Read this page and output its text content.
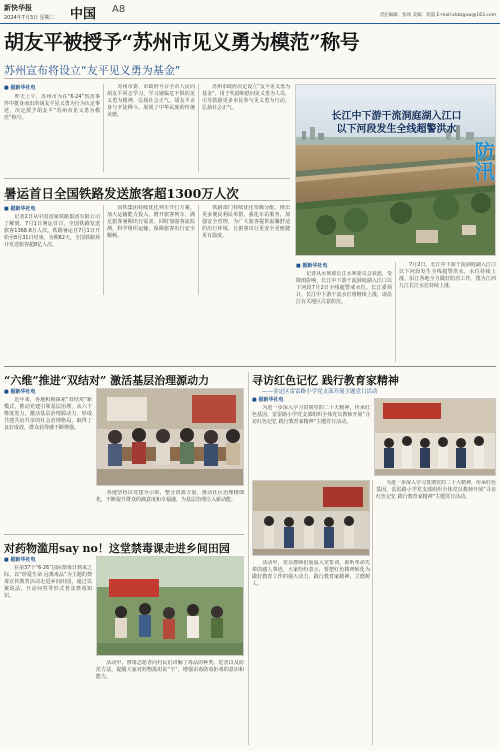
新快华报
2024年7月3日 星期三 中国 A8
责任编辑：张珍 美编：蒋磊 E-mail:xkbzgxw@163.com
胡友平被授予“苏州市见义勇为模范”称号
苏州宣布将设立“友平见义勇为基金”
■ 据新华社电
　　昨天上午，苏州市为在“6·24”伤害事件中挺身而出的胡友平见义勇为行为认定事迹，决定授予胡友平“苏州市见义勇为模范”称号。
　　苏州市委、市政府号召全市人民向胡友平同志学习，学习她临危不惧的见义勇为精神，弘扬社会正气。胡友平舍身与歹徒搏斗，展现了中华民族的传统美德。
　　苏州市政府决定设立“友平见义勇为基金”，用于奖励和慰问见义勇为人员，引导鼓励更多市民参与见义勇为行动，弘扬社会正气。
暑运首日全国铁路发送旅客超1300万人次
■ 据新华社电
　　记者2日从中国国家铁路集团有限公司了解到，7月1日暑运首日，全国铁路发送旅客1368.8万人次。铁路暑运自7月1日开始至8月31日结束，为期62天，全国铁路预计发送旅客超8亿人次。
　　国铁集团持续优化列车开行方案，加大运输能力投入，增开旅客列车，满足旅客暑期出行需求。同时加强客流监测，科学组织运输，保障旅客出行安全顺畅。
　　铁路部门持续优化票额分配，推出更多便民利民举措，强化车站服务，加强安全管理，为广大旅客提供温馨舒适的出行环境，让旅客出行更安全更便捷更有温度。
长江中下游干流洞庭湖入江口
以下河段发生全线超警洪水
防汛
■ 据新华社电
　　记者从水利部长江水利委员会获悉，受降雨影响，长江中下游干流洞庭湖入江口以下河段7月2日全线超警戒水位。长江委预计，长江中下游干流水位将继续上涨，请沿江有关地区注意防范。
　　7月2日，长江中下游干流洞庭湖入江口以下河段发生全线超警洪水，水位持续上涨，沿江各地全力做好防汛工作。图为江西九江长江水位持续上涨。
“六维”推进“双结对” 激活基层治理源动力
■ 据新华社电
　　近年来，各地积极探索“双结对”新模式，推动党建引领基层治理，从六个维度发力，激活基层治理源动力，形成共建共治共享的社会治理格局，取得了良好成效，群众获得感不断增强。
　　各地坚持以党建为引领，整合资源力量，推动社区治理精细化，不断提升群众的满意度和幸福感，为基层治理注入新动能。
对药物滥用say no！这堂禁毒课走进乡间田园
■ 据新华社电
　　在第37个“6·26”国际禁毒日到来之际，以“珍爱生命 远离毒品”为主题的禁毒宣传教育活动走进乡间田园，通过以案说法、互动问答等形式普及禁毒知识。
　　活动中，禁毒志愿者向村民们讲解了毒品的种类、危害以及防范方法，提醒大家对药物滥用说“不”，增强识毒防毒拒毒的意识和能力。
寻访红色记忆 践行教育家精神
——金定区雷雷路小学党支部开展主题党日活动
■ 据新华社电
　　为进一步深入学习贯彻党的二十大精神，传承红色基因，雷雷路小学党支部组织全体党员教师开展“寻访红色记忆 践行教育家精神”主题党日活动。
　　活动中，党员教师们重温入党誓词，聆听革命先辈的感人事迹，大家纷纷表示，要把红色精神转化为做好教育工作的强大动力，践行教育家精神，立德树人。
　　为进一步深入学习贯彻党的二十大精神，传承红色基因，雷雷路小学党支部组织全体党员教师开展“寻访红色记忆 践行教育家精神”主题党日活动。
